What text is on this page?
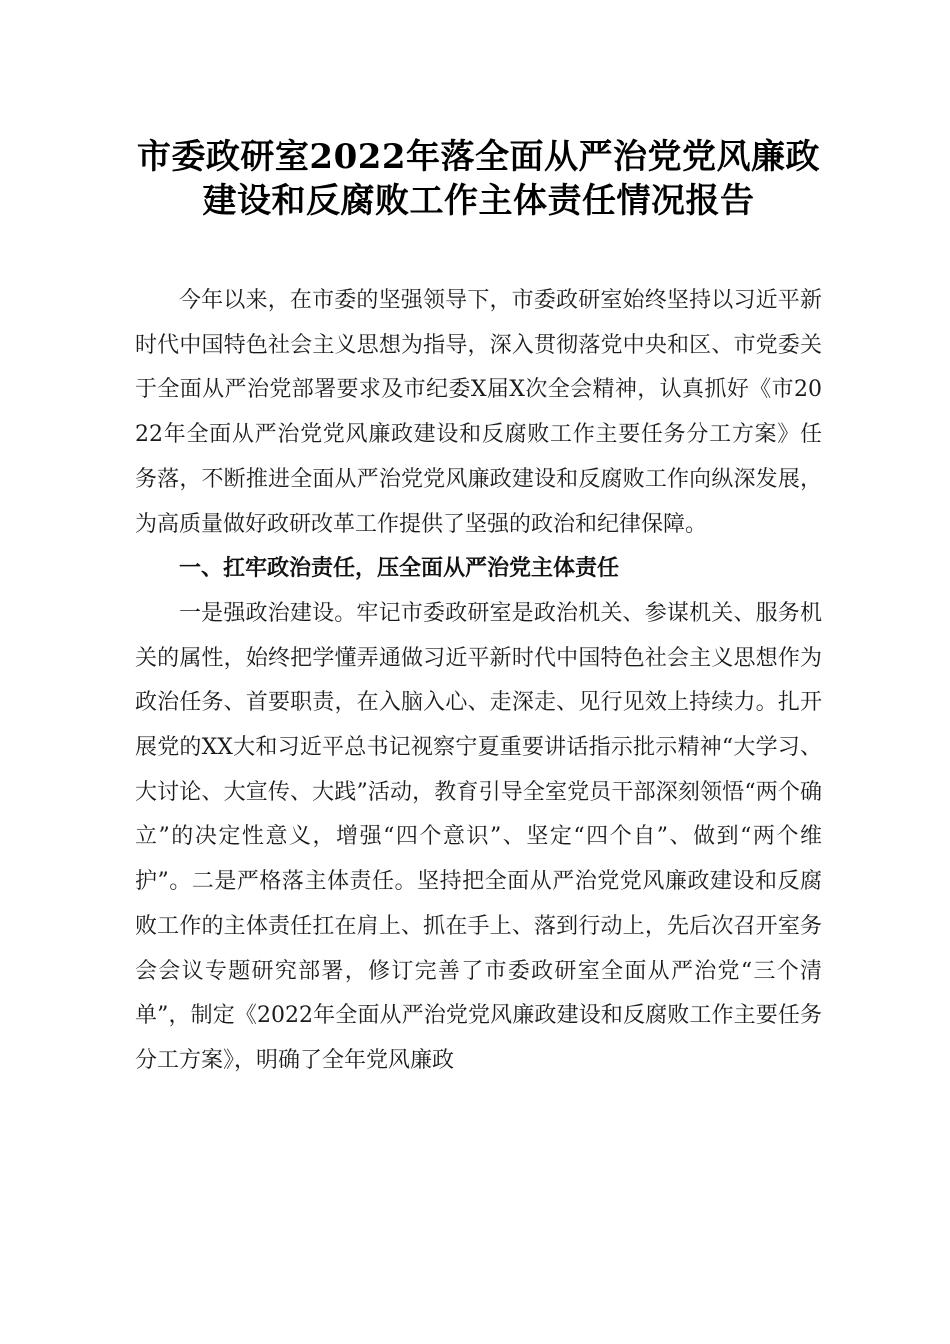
市委政研室2022年落全面从严治党党风廉政
建设和反腐败工作主体责任情况报告

今年以来，在市委的坚强领导下，市委政研室始终坚持以习近平新时代中国特色社会主义思想为指导，深入贯彻落党中央和区、市党委关于全面从严治党部署要求及市纪委X届X次全会精神，认真抓好《市2022年全面从严治党党风廉政建设和反腐败工作主要任务分工方案》任务落，不断推进全面从严治党党风廉政建设和反腐败工作向纵深发展，为高质量做好政研改革工作提供了坚强的政治和纪律保障。

一、扛牢政治责任，压全面从严治党主体责任

一是强政治建设。牢记市委政研室是政治机关、参谋机关、服务机关的属性，始终把学懂弄通做习近平新时代中国特色社会主义思想作为政治任务、首要职责，在入脑入心、走深走、见行见效上持续力。扎开展党的XX大和习近平总书记视察宁夏重要讲话指示批示精神“大学习、大讨论、大宣传、大践”活动，教育引导全室党员干部深刻领悟“两个确立”的决定性意义，增强“四个意识”、坚定“四个自”、做到“两个维护”。二是严格落主体责任。坚持把全面从严治党党风廉政建设和反腐败工作的主体责任扛在肩上、抓在手上、落到行动上，先后次召开室务会会议专题研究部署，修订完善了市委政研室全面从严治党“三个清单”，制定《2022年全面从严治党党风廉政建设和反腐败工作主要任务分工方案》，明确了全年党风廉政
